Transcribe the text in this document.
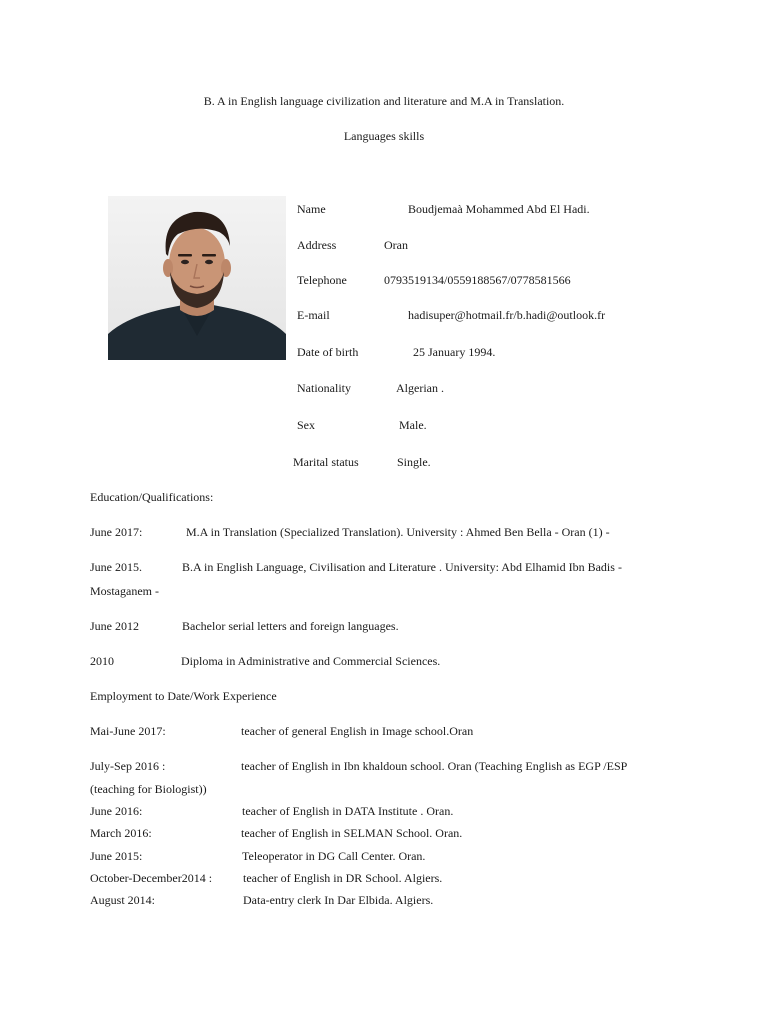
B. A in English language civilization and literature and M.A in Translation.
Languages skills
Name	Boudjemaà Mohammed Abd El Hadi.
Address	Oran
Telephone	0793519134/0559188567/0778581566
E-mail	hadisuper@hotmail.fr/b.hadi@outlook.fr
Date of birth	25 January 1994.
Nationality	Algerian .
Sex	Male.
Marital status	Single.
Education/Qualifications:
June 2017:	M.A in Translation (Specialized Translation). University : Ahmed Ben Bella - Oran (1) -
June 2015.	B.A in English Language, Civilisation and Literature . University: Abd Elhamid Ibn Badis -
Mostaganem -
June 2012	Bachelor serial letters and foreign languages.
2010	Diploma in Administrative and Commercial Sciences.
Employment to Date/Work Experience
Mai-June 2017:	teacher of general English in Image school.Oran
July-Sep 2016 :	teacher of English in Ibn khaldoun school. Oran (Teaching English as EGP /ESP
(teaching for Biologist))
June 2016:	teacher of English in DATA Institute . Oran.
March 2016:	teacher of English in SELMAN School. Oran.
June 2015:	Teleoperator in DG Call Center. Oran.
October-December2014 :	teacher of English in DR School. Algiers.
August 2014:	Data-entry clerk In Dar Elbida. Algiers.
